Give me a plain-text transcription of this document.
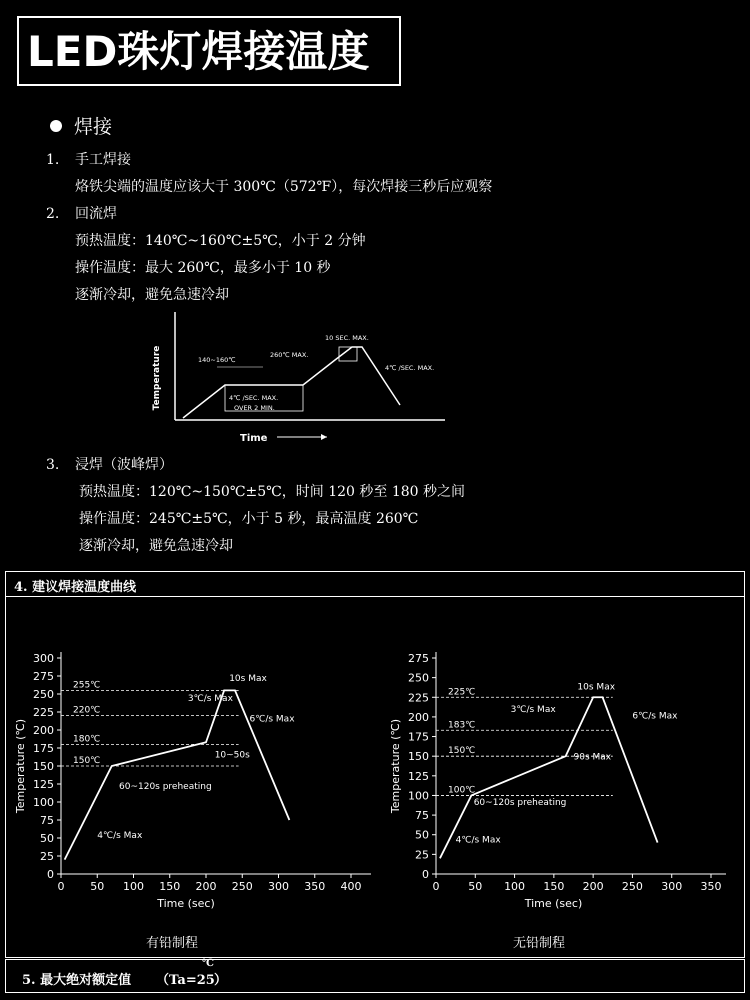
LED珠灯焊接温度
焊接
1. 手工焊接
烙铁尖端的温度应该大于 300℃（572℉），每次焊接三秒后应观察
2. 回流焊
预热温度：140℃~160℃±5℃，小于 2 分钟
操作温度：最大 260℃，最多小于 10 秒
逐渐冷却，避免急速冷却
Temperature
Time
140~160℃
4℃ /SEC. MAX.
OVER 2 MIN.
260℃ MAX.
10 SEC. MAX.
4℃ /SEC. MAX.
3. 浸焊（波峰焊）
预热温度：120℃~150℃±5℃，时间 120 秒至 180 秒之间
操作温度：245℃±5℃，小于 5 秒，最高温度 260℃
逐渐冷却，避免急速冷却
4. 建议焊接温度曲线
0 50 100 150 200 250 300 350 400
0
25
50
75
100
125
150
175
200
225
250
275
300
Time (sec)
Temperature (℃)
255℃
220℃
180℃
150℃
10s Max
3℃/s Max
6℃/s Max
10~50s
60~120s preheating
4℃/s Max
0	50 100 150 200 250 300 350
0
25
50
75
100
125
150
175
200
225
250
275
Time (sec)
Temperature (℃)
225℃
183℃
150℃
100℃
10s Max
3℃/s Max
6℃/s Max
90s Max
60~120s preheating
4℃/s Max
有铅制程	无铅制程
5. 最大绝对额定值 （Ta=25
℃
）
